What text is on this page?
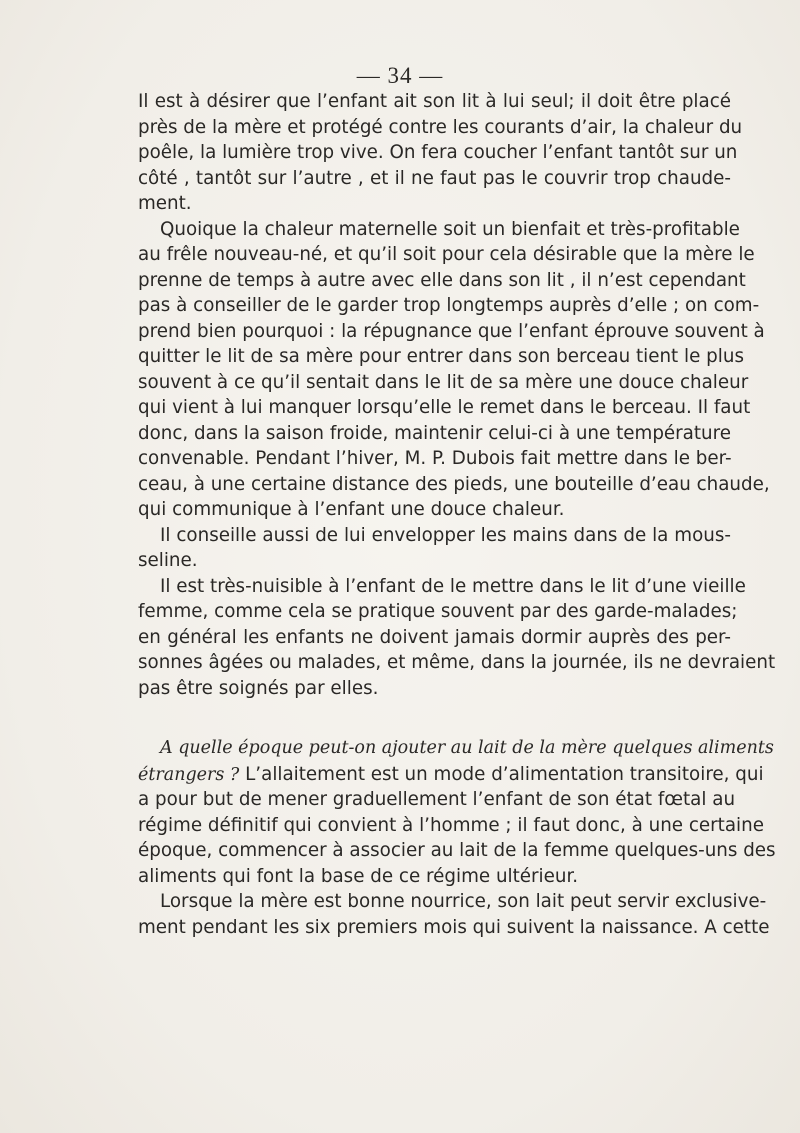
— 34 —
Il est à désirer que l’enfant ait son lit à lui seul; il doit être placé
près de la mère et protégé contre les courants d’air, la chaleur du
poêle, la lumière trop vive. On fera coucher l’enfant tantôt sur un
côté , tantôt sur l’autre , et il ne faut pas le couvrir trop chaude-
ment.
Quoique la chaleur maternelle soit un bienfait et très-profitable
au frêle nouveau-né, et qu’il soit pour cela désirable que la mère le
prenne de temps à autre avec elle dans son lit , il n’est cependant
pas à conseiller de le garder trop longtemps auprès d’elle ; on com-
prend bien pourquoi : la répugnance que l’enfant éprouve souvent à
quitter le lit de sa mère pour entrer dans son berceau tient le plus
souvent à ce qu’il sentait dans le lit de sa mère une douce chaleur
qui vient à lui manquer lorsqu’elle le remet dans le berceau. Il faut
donc, dans la saison froide, maintenir celui-ci à une température
convenable. Pendant l’hiver, M. P. Dubois fait mettre dans le ber-
ceau, à une certaine distance des pieds, une bouteille d’eau chaude,
qui communique à l’enfant une douce chaleur.
Il conseille aussi de lui envelopper les mains dans de la mous-
seline.
Il est très-nuisible à l’enfant de le mettre dans le lit d’une vieille
femme, comme cela se pratique souvent par des garde-malades;
en général les enfants ne doivent jamais dormir auprès des per-
sonnes âgées ou malades, et même, dans la journée, ils ne devraient
pas être soignés par elles.
A quelle époque peut-on ajouter au lait de la mère quelques aliments
étrangers ? L’allaitement est un mode d’alimentation transitoire, qui
a pour but de mener graduellement l’enfant de son état fœtal au
régime définitif qui convient à l’homme ; il faut donc, à une certaine
époque, commencer à associer au lait de la femme quelques-uns des
aliments qui font la base de ce régime ultérieur.
Lorsque la mère est bonne nourrice, son lait peut servir exclusive-
ment pendant les six premiers mois qui suivent la naissance. A cette
